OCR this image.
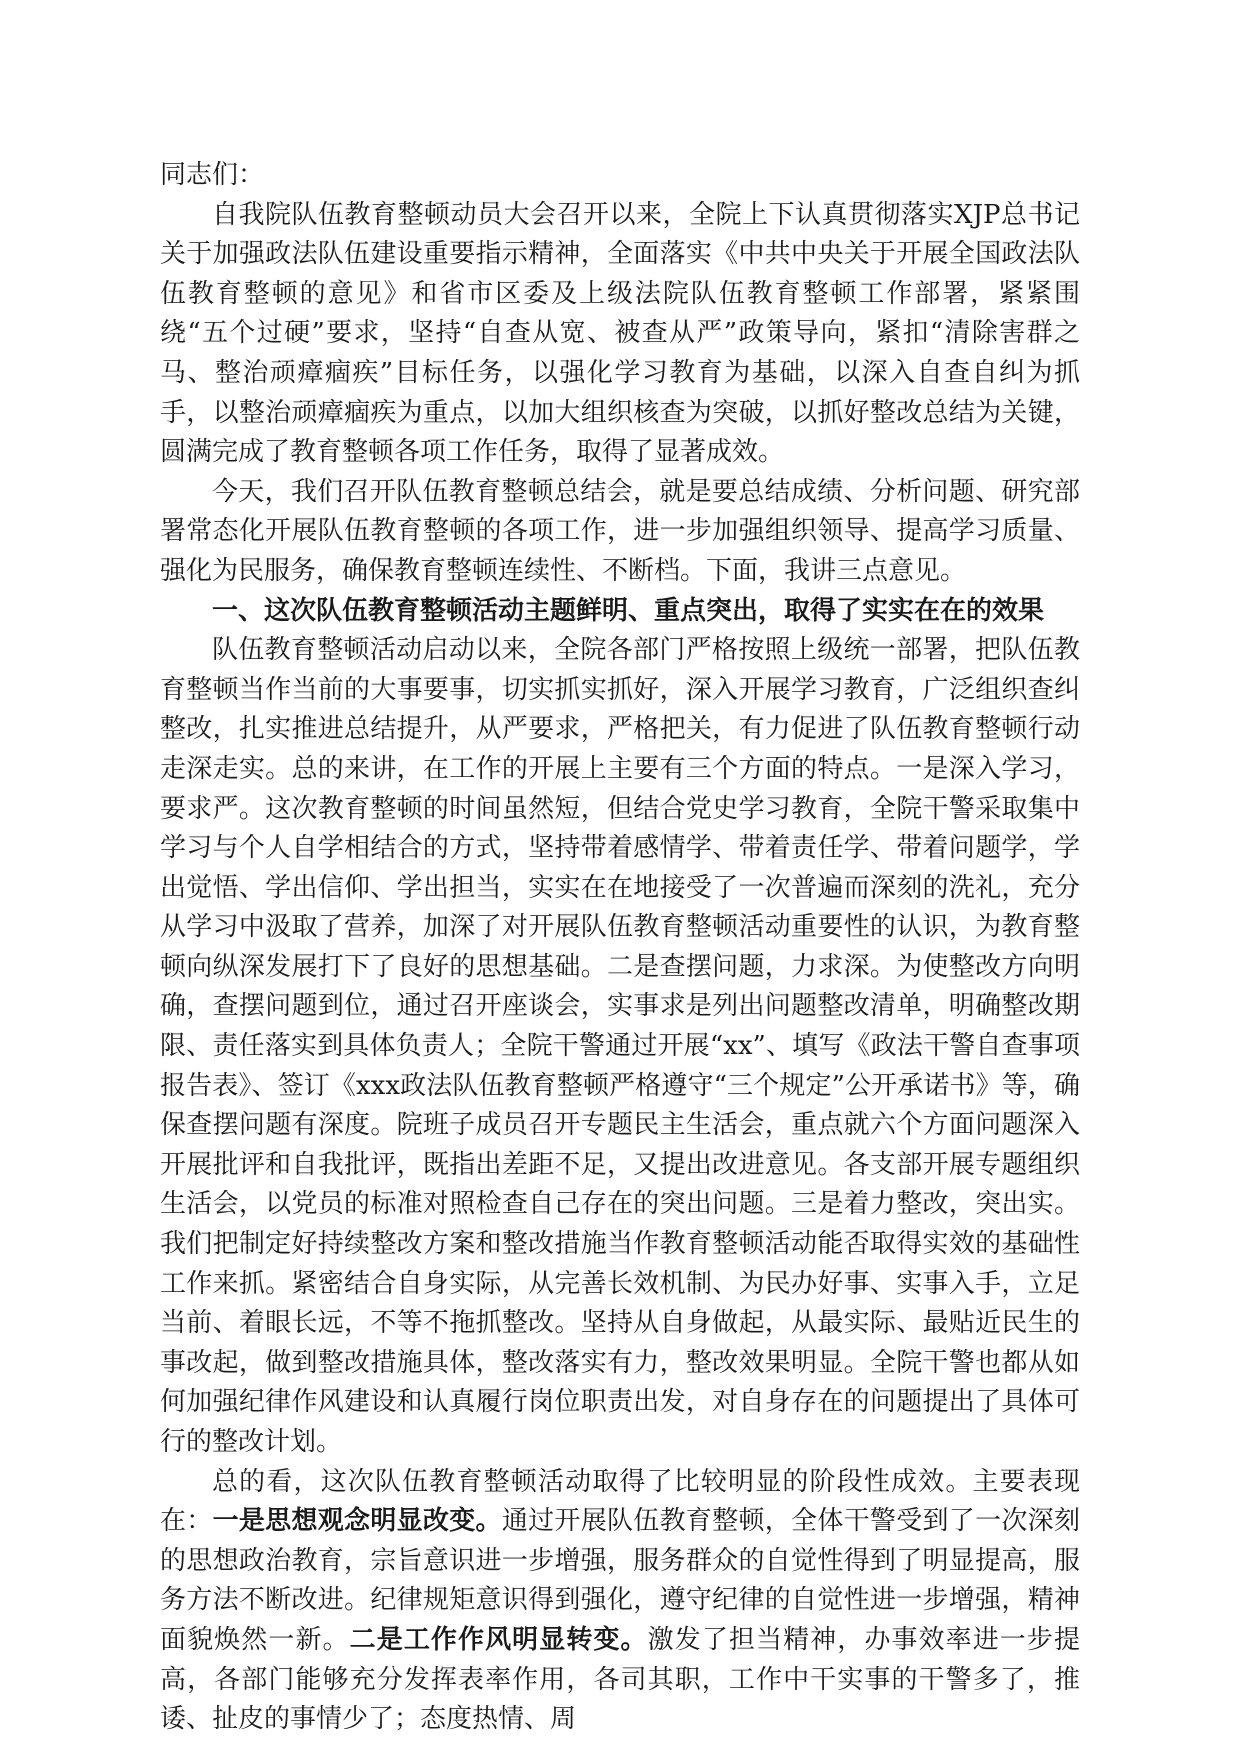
同志们：

自我院队伍教育整顿动员大会召开以来，全院上下认真贯彻落实XJP总书记关于加强政法队伍建设重要指示精神，全面落实《中共中央关于开展全国政法队伍教育整顿的意见》和省市区委及上级法院队伍教育整顿工作部署，紧紧围绕“五个过硬”要求，坚持“自查从宽、被查从严”政策导向，紧扣“清除害群之马、整治顽瘴痼疾”目标任务，以强化学习教育为基础，以深入自查自纠为抓手，以整治顽瘴痼疾为重点，以加大组织核查为突破，以抓好整改总结为关键，圆满完成了教育整顿各项工作任务，取得了显著成效。

今天，我们召开队伍教育整顿总结会，就是要总结成绩、分析问题、研究部署常态化开展队伍教育整顿的各项工作，进一步加强组织领导、提高学习质量、强化为民服务，确保教育整顿连续性、不断档。下面，我讲三点意见。

一、这次队伍教育整顿活动主题鲜明、重点突出，取得了实实在在的效果

队伍教育整顿活动启动以来，全院各部门严格按照上级统一部署，把队伍教育整顿当作当前的大事要事，切实抓实抓好，深入开展学习教育，广泛组织查纠整改，扎实推进总结提升，从严要求，严格把关，有力促进了队伍教育整顿行动走深走实。总的来讲，在工作的开展上主要有三个方面的特点。一是深入学习，要求严。这次教育整顿的时间虽然短，但结合党史学习教育，全院干警采取集中学习与个人自学相结合的方式，坚持带着感情学、带着责任学、带着问题学，学出觉悟、学出信仰、学出担当，实实在在地接受了一次普遍而深刻的洗礼，充分从学习中汲取了营养，加深了对开展队伍教育整顿活动重要性的认识，为教育整顿向纵深发展打下了良好的思想基础。二是查摆问题，力求深。为使整改方向明确，查摆问题到位，通过召开座谈会，实事求是列出问题整改清单，明确整改期限、责任落实到具体负责人；全院干警通过开展“xx”、填写《政法干警自查事项报告表》、签订《xxx政法队伍教育整顿严格遵守“三个规定”公开承诺书》等，确保查摆问题有深度。院班子成员召开专题民主生活会，重点就六个方面问题深入开展批评和自我批评，既指出差距不足，又提出改进意见。各支部开展专题组织生活会，以党员的标准对照检查自己存在的突出问题。三是着力整改，突出实。我们把制定好持续整改方案和整改措施当作教育整顿活动能否取得实效的基础性工作来抓。紧密结合自身实际，从完善长效机制、为民办好事、实事入手，立足当前、着眼长远，不等不拖抓整改。坚持从自身做起，从最实际、最贴近民生的事改起，做到整改措施具体，整改落实有力，整改效果明显。全院干警也都从如何加强纪律作风建设和认真履行岗位职责出发，对自身存在的问题提出了具体可行的整改计划。

总的看，这次队伍教育整顿活动取得了比较明显的阶段性成效。主要表现在：一是思想观念明显改变。通过开展队伍教育整顿，全体干警受到了一次深刻的思想政治教育，宗旨意识进一步增强，服务群众的自觉性得到了明显提高，服务方法不断改进。纪律规矩意识得到强化，遵守纪律的自觉性进一步增强，精神面貌焕然一新。二是工作作风明显转变。激发了担当精神，办事效率进一步提高，各部门能够充分发挥表率作用，各司其职，工作中干实事的干警多了，推诿、扯皮的事情少了；态度热情、周
